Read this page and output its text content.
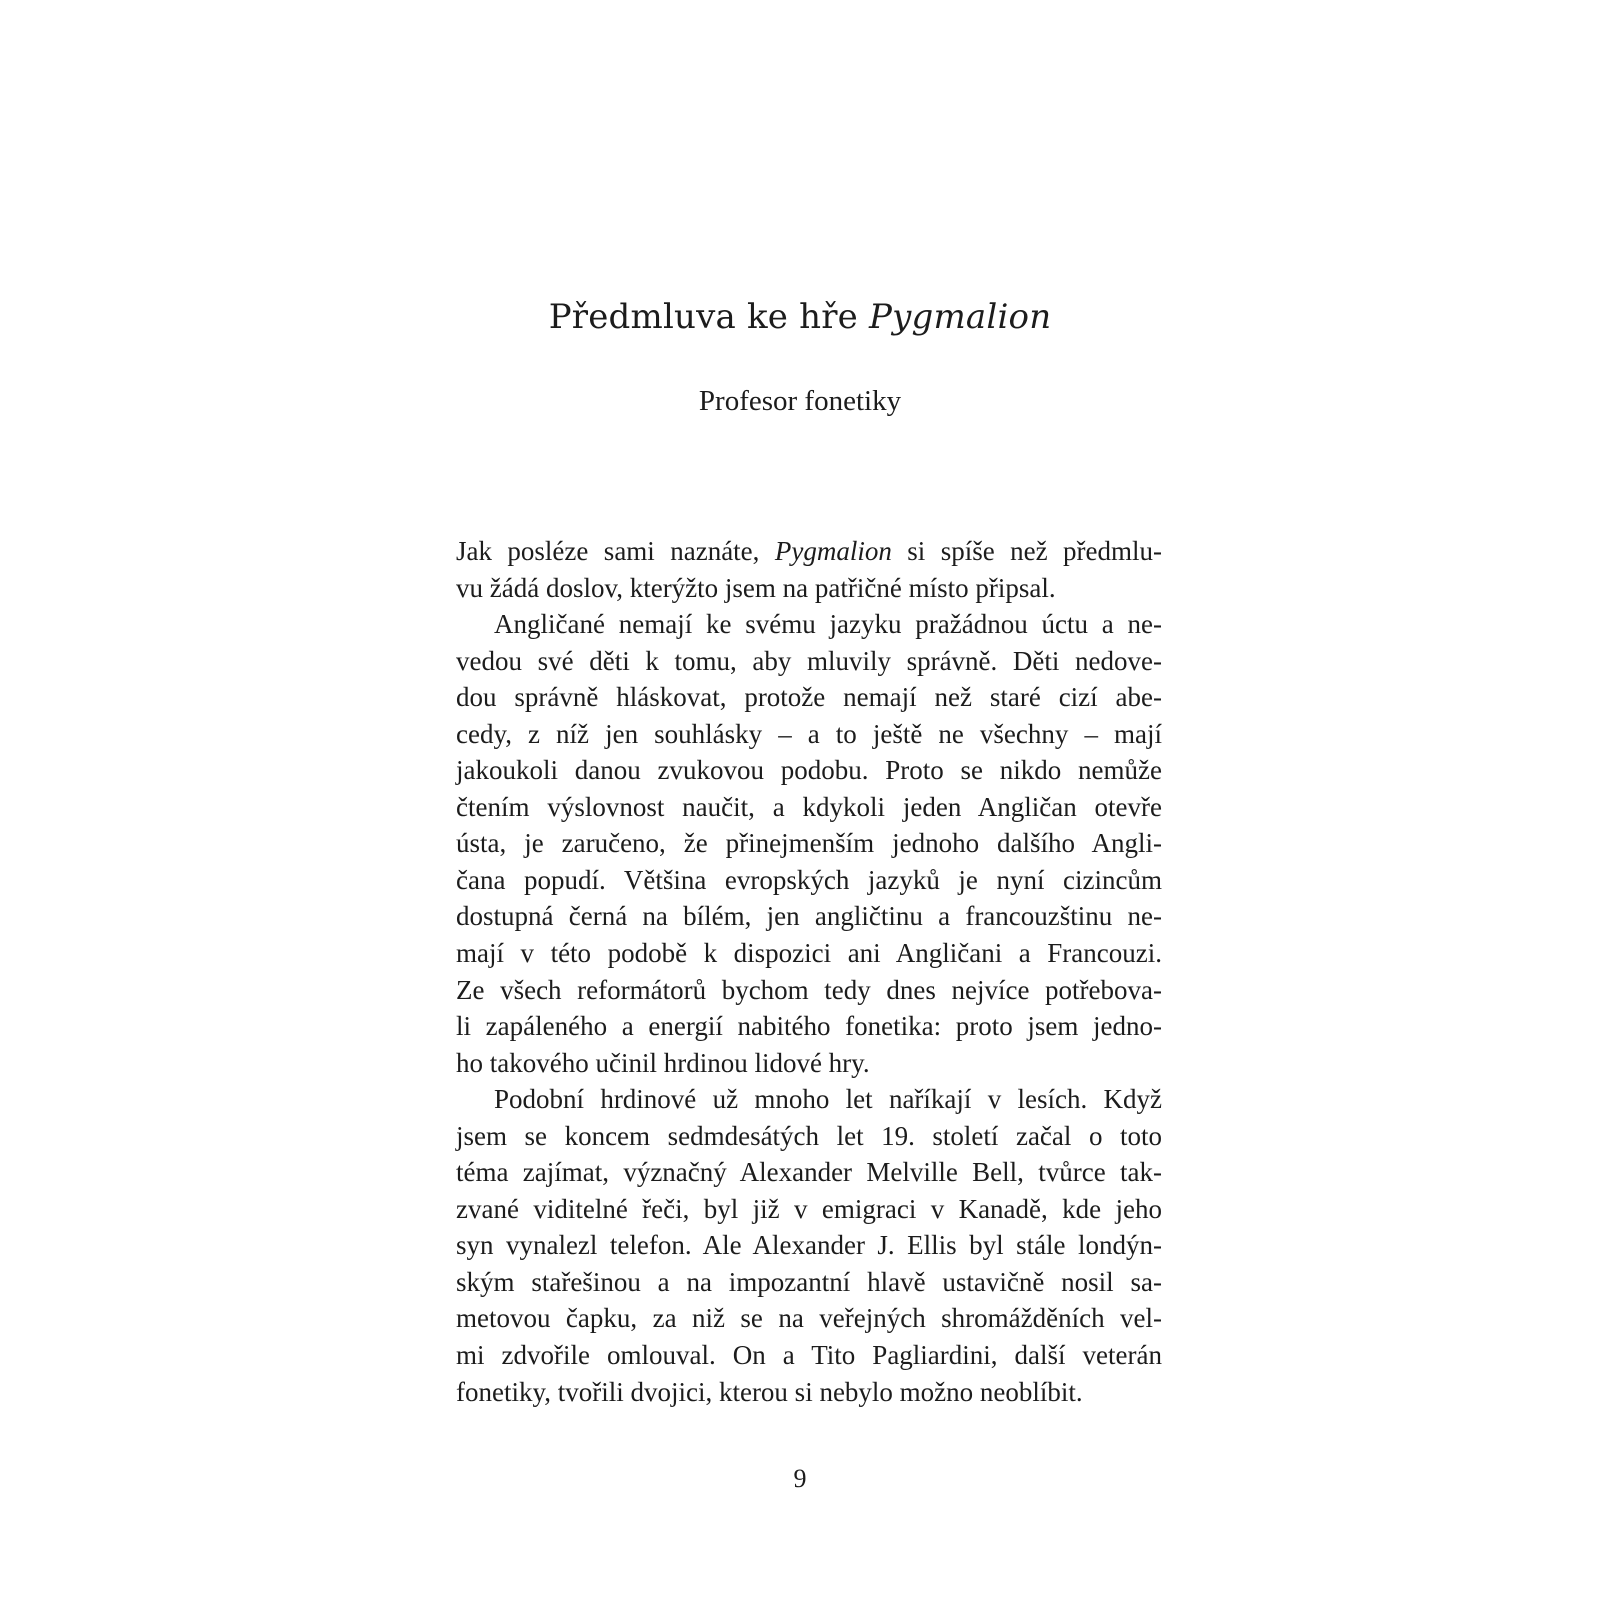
Předmluva ke hře Pygmalion
Profesor fonetiky
Jak posléze sami naznáte, Pygmalion si spíše než předmlu-
vu žádá doslov, kterýžto jsem na patřičné místo připsal.
Angličané nemají ke svému jazyku pražádnou úctu a ne-
vedou své děti k tomu, aby mluvily správně. Děti nedove-
dou správně hláskovat, protože nemají než staré cizí abe-
cedy, z níž jen souhlásky – a to ještě ne všechny – mají
jakoukoli danou zvukovou podobu. Proto se nikdo nemůže
čtením výslovnost naučit, a kdykoli jeden Angličan otevře
ústa, je zaručeno, že přinejmenším jednoho dalšího Angli-
čana popudí. Většina evropských jazyků je nyní cizincům
dostupná černá na bílém, jen angličtinu a francouzštinu ne-
mají v této podobě k dispozici ani Angličani a Francouzi.
Ze všech reformátorů bychom tedy dnes nejvíce potřebova-
li zapáleného a energií nabitého fonetika: proto jsem jedno-
ho takového učinil hrdinou lidové hry.
Podobní hrdinové už mnoho let naříkají v lesích. Když
jsem se koncem sedmdesátých let 19. století začal o toto
téma zajímat, význačný Alexander Melville Bell, tvůrce tak-
zvané viditelné řeči, byl již v emigraci v Kanadě, kde jeho
syn vynalezl telefon. Ale Alexander J. Ellis byl stále londýn-
ským stařešinou a na impozantní hlavě ustavičně nosil sa-
metovou čapku, za niž se na veřejných shromážděních vel-
mi zdvořile omlouval. On a Tito Pagliardini, další veterán
fonetiky, tvořili dvojici, kterou si nebylo možno neoblíbit.
9
